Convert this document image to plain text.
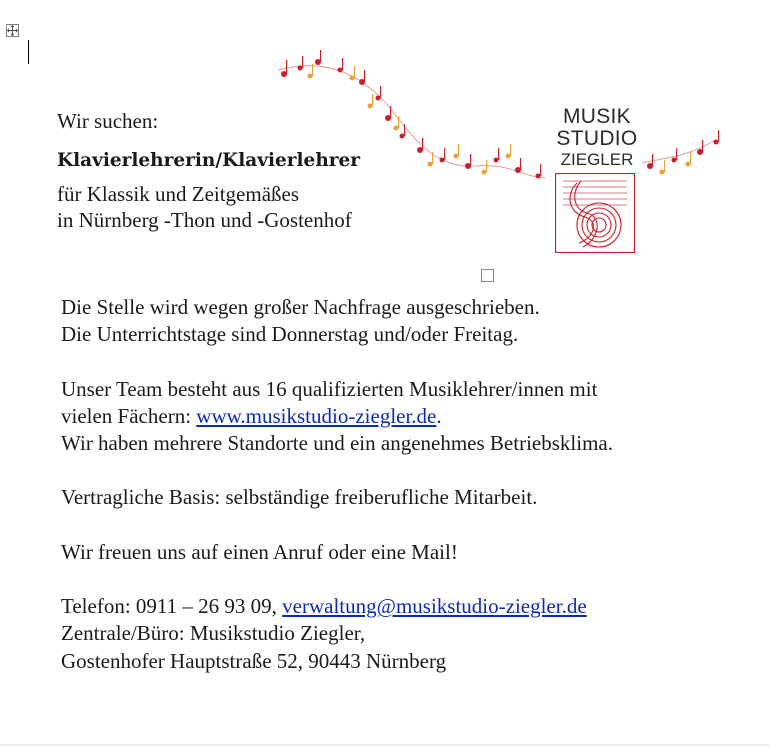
Wir suchen:
Klavierlehrerin/Klavierlehrer
für Klassik und Zeitgemäßes
in Nürnberg -Thon und -Gostenhof
MUSIK
STUDIO
ZIEGLER
Die Stelle wird wegen großer Nachfrage ausgeschrieben.
Die Unterrichtstage sind Donnerstag und/oder Freitag.
Unser Team besteht aus 16 qualifizierten Musiklehrer/innen mit
vielen Fächern: www.musikstudio-ziegler.de.
Wir haben mehrere Standorte und ein angenehmes Betriebsklima.
Vertragliche Basis: selbständige freiberufliche Mitarbeit.
Wir freuen uns auf einen Anruf oder eine Mail!
Telefon: 0911 – 26 93 09, verwaltung@musikstudio-ziegler.de
Zentrale/Büro: Musikstudio Ziegler,
Gostenhofer Hauptstraße 52, 90443 Nürnberg
